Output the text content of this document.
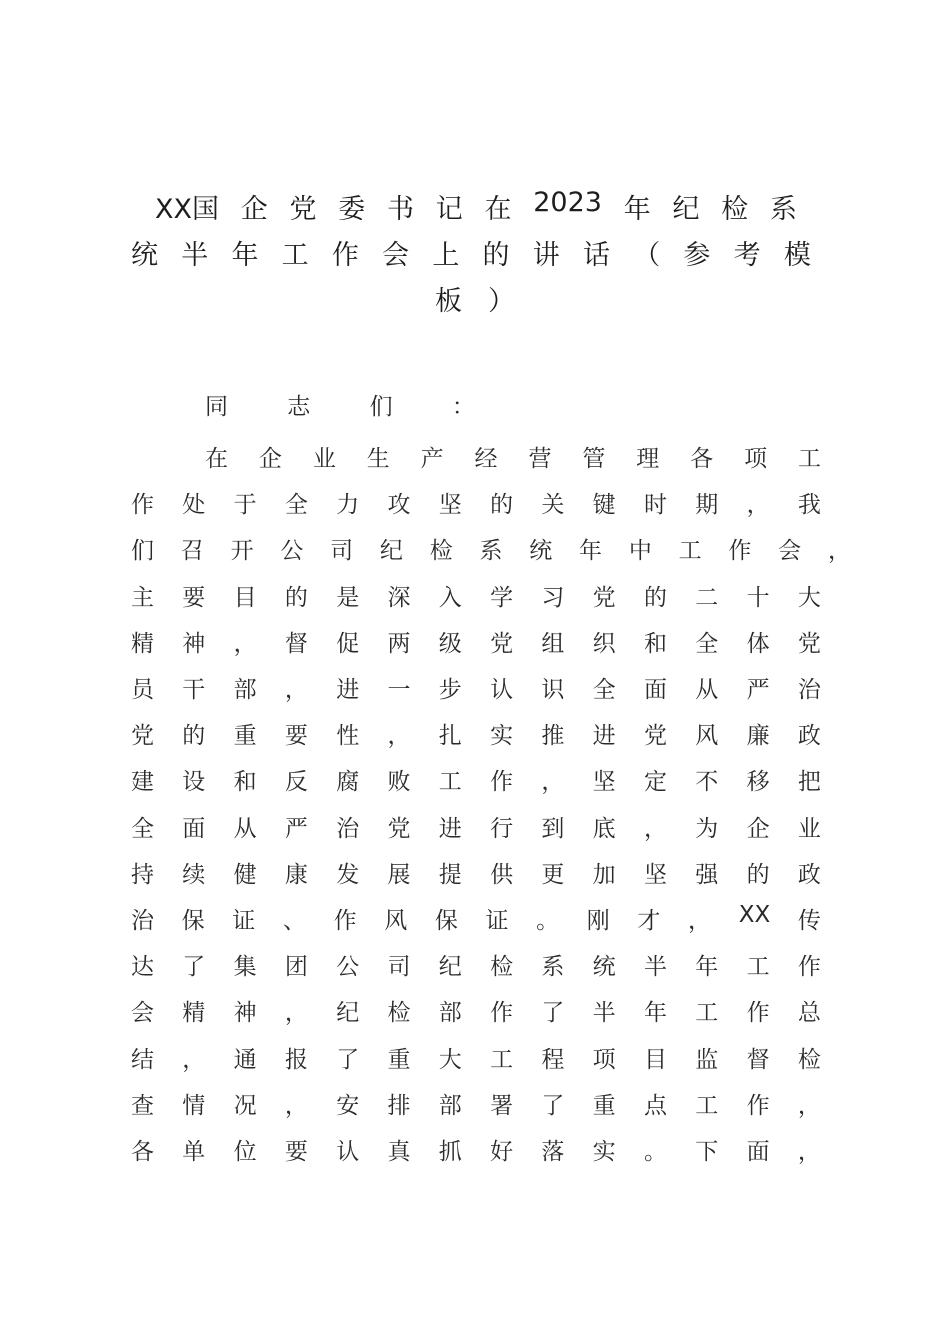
XX国 企 党 委 书 记 在 2023 年 纪 检 系
统 半 年 工 作 会 上 的 讲 话 （ 参 考 模
板 ）
同 志 们 ：
在 企 业 生 产 经 营 管 理 各 项 工
作 处 于 全 力 攻 坚 的 关 键 时 期 ， 我
们 召 开 公 司 纪 检 系 统 年 中 工 作 会 ，
主 要 目 的 是 深 入 学 习 党 的 二 十 大
精 神 ， 督 促 两 级 党 组 织 和 全 体 党
员 干 部 ， 进 一 步 认 识 全 面 从 严 治
党 的 重 要 性 ， 扎 实 推 进 党 风 廉 政
建 设 和 反 腐 败 工 作 ， 坚 定 不 移 把
全 面 从 严 治 党 进 行 到 底 ， 为 企 业
持 续 健 康 发 展 提 供 更 加 坚 强 的 政
治 保 证 、 作 风 保 证 。 刚 才 ， XX 传
达 了 集 团 公 司 纪 检 系 统 半 年 工 作
会 精 神 ， 纪 检 部 作 了 半 年 工 作 总
结 ， 通 报 了 重 大 工 程 项 目 监 督 检
查 情 况 ， 安 排 部 署 了 重 点 工 作 ，
各 单 位 要 认 真 抓 好 落 实 。 下 面 ，
